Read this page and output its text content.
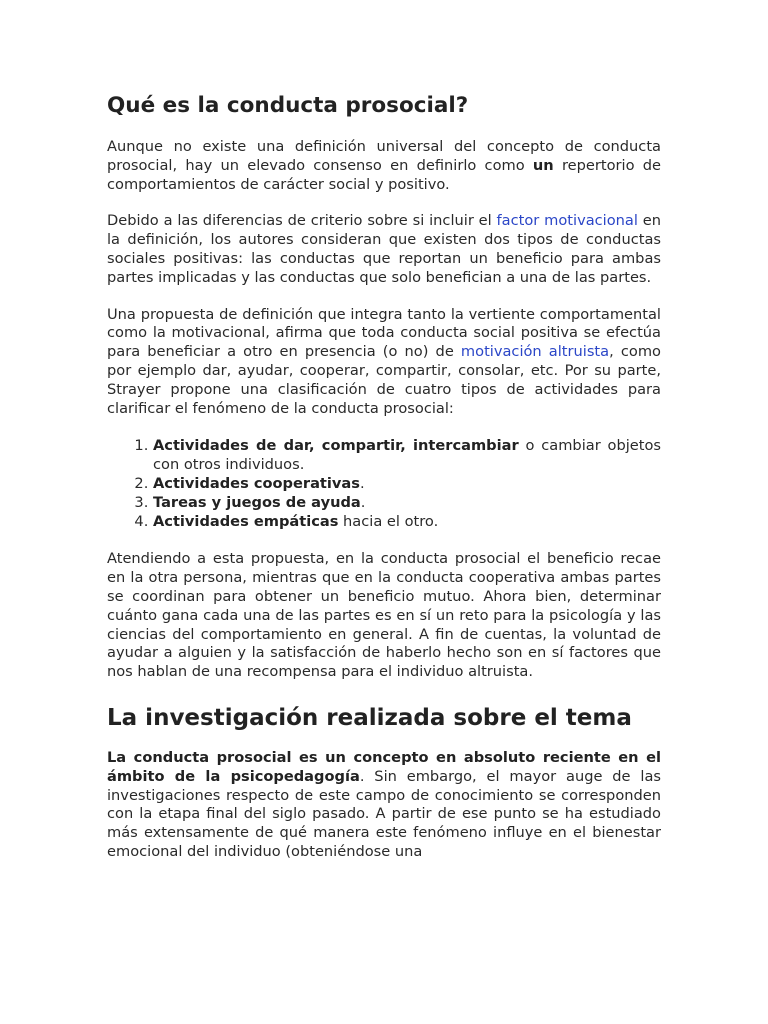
Qué es la conducta prosocial?

Aunque no existe una definición universal del concepto de conducta prosocial, hay un elevado consenso en definirlo como un repertorio de comportamientos de carácter social y positivo.

Debido a las diferencias de criterio sobre si incluir el factor motivacional en la definición, los autores consideran que existen dos tipos de conductas sociales positivas: las conductas que reportan un beneficio para ambas partes implicadas y las conductas que solo benefician a una de las partes.

Una propuesta de definición que integra tanto la vertiente comportamental como la motivacional, afirma que toda conducta social positiva se efectúa para beneficiar a otro en presencia (o no) de motivación altruista, como por ejemplo dar, ayudar, cooperar, compartir, consolar, etc. Por su parte, Strayer propone una clasificación de cuatro tipos de actividades para clarificar el fenómeno de la conducta prosocial:

1. Actividades de dar, compartir, intercambiar o cambiar objetos con otros individuos.
2. Actividades cooperativas.
3. Tareas y juegos de ayuda.
4. Actividades empáticas hacia el otro.

Atendiendo a esta propuesta, en la conducta prosocial el beneficio recae en la otra persona, mientras que en la conducta cooperativa ambas partes se coordinan para obtener un beneficio mutuo. Ahora bien, determinar cuánto gana cada una de las partes es en sí un reto para la psicología y las ciencias del comportamiento en general. A fin de cuentas, la voluntad de ayudar a alguien y la satisfacción de haberlo hecho son en sí factores que nos hablan de una recompensa para el individuo altruista.

La investigación realizada sobre el tema

La conducta prosocial es un concepto en absoluto reciente en el ámbito de la psicopedagogía. Sin embargo, el mayor auge de las investigaciones respecto de este campo de conocimiento se corresponden con la etapa final del siglo pasado. A partir de ese punto se ha estudiado más extensamente de qué manera este fenómeno influye en el bienestar emocional del individuo (obteniéndose una
